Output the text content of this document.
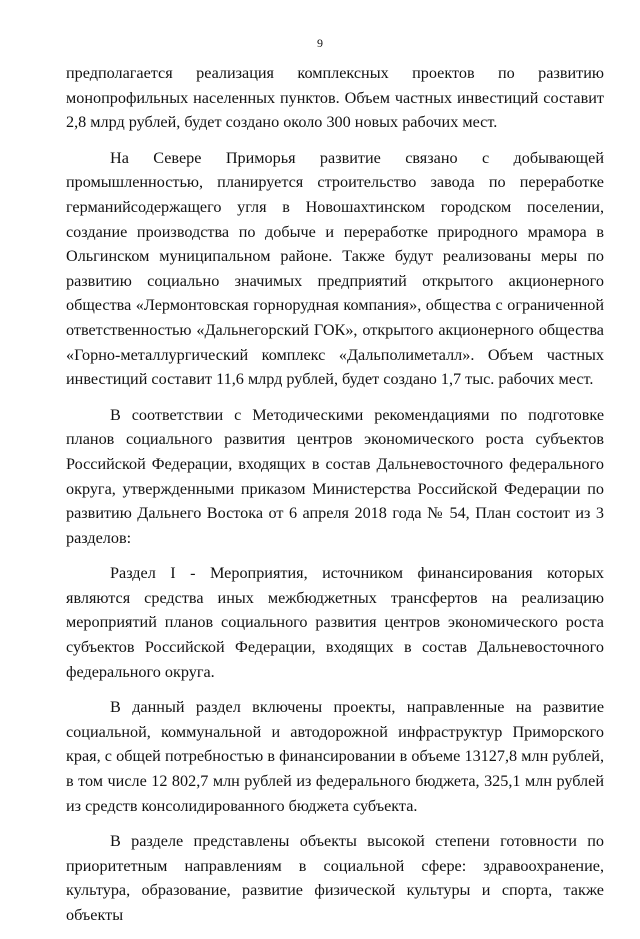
9

предполагается реализация комплексных проектов по развитию монопрофильных населенных пунктов. Объем частных инвестиций составит 2,8 млрд рублей, будет создано около 300 новых рабочих мест.

На Севере Приморья развитие связано с добывающей промышленностью, планируется строительство завода по переработке германийсодержащего угля в Новошахтинском городском поселении, создание производства по добыче и переработке природного мрамора в Ольгинском муниципальном районе. Также будут реализованы меры по развитию социально значимых предприятий открытого акционерного общества «Лермонтовская горнорудная компания», общества с ограниченной ответственностью «Дальнегорский ГОК», открытого акционерного общества «Горно-металлургический комплекс «Дальполиметалл». Объем частных инвестиций составит 11,6 млрд рублей, будет создано 1,7 тыс. рабочих мест.

В соответствии с Методическими рекомендациями по подготовке планов социального развития центров экономического роста субъектов Российской Федерации, входящих в состав Дальневосточного федерального округа, утвержденными приказом Министерства Российской Федерации по развитию Дальнего Востока от 6 апреля 2018 года № 54, План состоит из 3 разделов:

Раздел I - Мероприятия, источником финансирования которых являются средства иных межбюджетных трансфертов на реализацию мероприятий планов социального развития центров экономического роста субъектов Российской Федерации, входящих в состав Дальневосточного федерального округа.

В данный раздел включены проекты, направленные на развитие социальной, коммунальной и автодорожной инфраструктур Приморского края, с общей потребностью в финансировании в объеме 13127,8 млн рублей, в том числе 12 802,7 млн рублей из федерального бюджета, 325,1 млн рублей из средств консолидированного бюджета субъекта.

В разделе представлены объекты высокой степени готовности по приоритетным направлениям в социальной сфере: здравоохранение, культура, образование, развитие физической культуры и спорта, также объекты
